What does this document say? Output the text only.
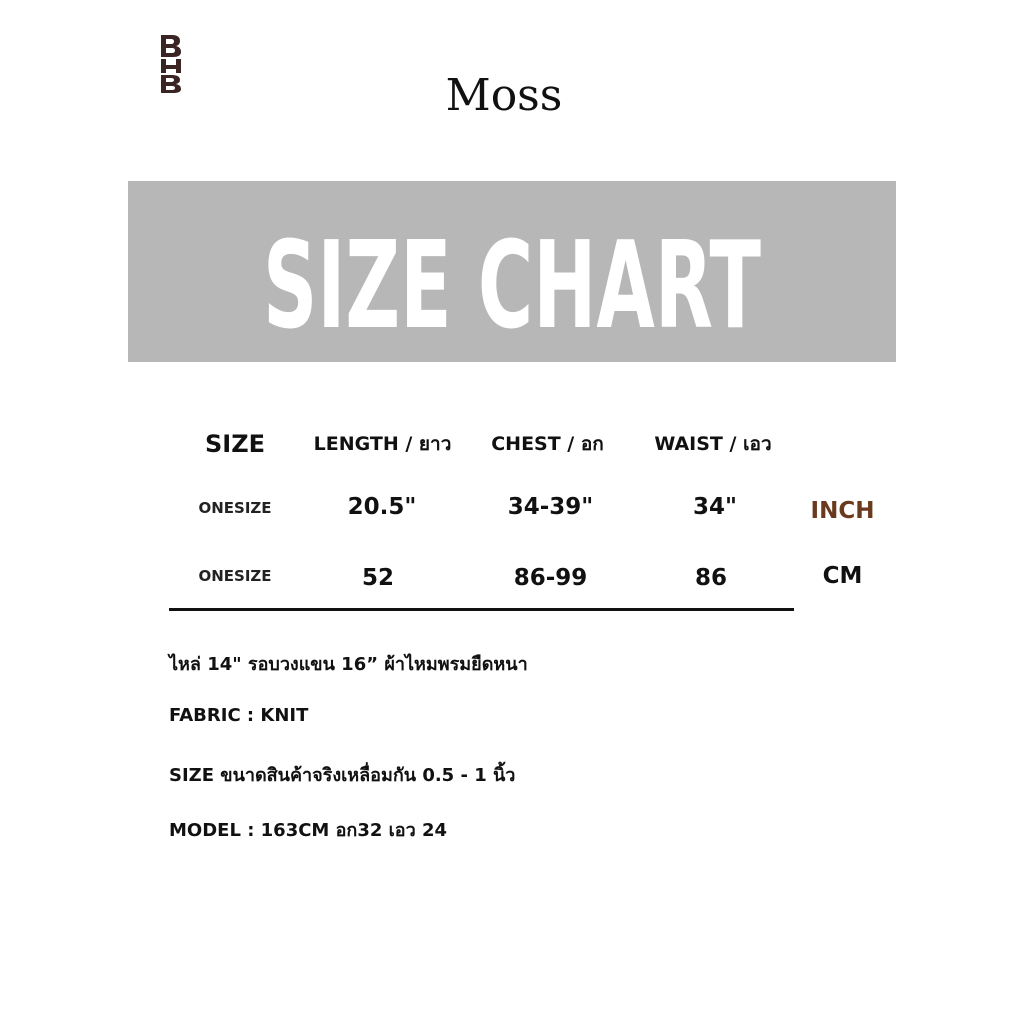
Moss
SIZE CHART
SIZE	LENGTH / ยาว	CHEST / อก	WAIST / เอว
ONESIZE	20.5"	34-39"	34"	INCH
ONESIZE	52	86-99	86	CM
ไหล่ 14" รอบวงแขน 16” ผ้าไหมพรมยืดหนา
FABRIC : KNIT
SIZE ขนาดสินค้าจริงเหลื่อมกัน 0.5 - 1 นิ้ว
MODEL : 163CM อก32 เอว 24
